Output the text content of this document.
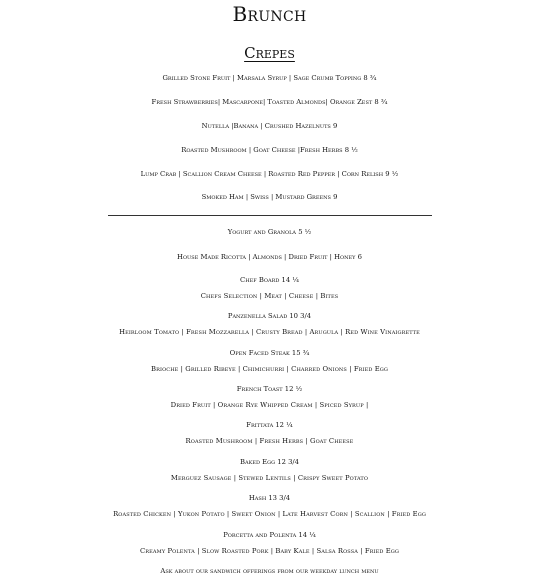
Brunch
Crepes
Grilled Stone Fruit | Marsala Syrup | Sage Crumb Topping 8 ¾
Fresh Strawberries| Mascarpone| Toasted Almonds| Orange Zest 8 ¾
Nutella |Banana | Crushed Hazelnuts 9
Roasted Mushroom | Goat Cheese |Fresh Herbs 8 ½
Lump Crab | Scallion Cream Cheese | Roasted Red Pepper | Corn Relish 9 ½
Smoked Ham | Swiss | Mustard Greens 9
Yogurt and Granola 5 ½
House Made Ricotta | Almonds | Dried Fruit | Honey 6
Chef Board 14 ¼
Chefs Selection | Meat | Cheese | Bites
Panzenella Salad 10 3/4
Heirloom Tomato | Fresh Mozzarella | Crusty Bread | Arugula | Red Wine Vinaigrette
Open Faced Steak 15 ¾
Brioche | Grilled Ribeye | Chimichurri | Charred Onions | Fried Egg
French Toast 12 ½
Dried Fruit | Orange Rye Whipped Cream | Spiced Syrup |
Frittata 12 ¼
Roasted Mushroom | Fresh Herbs | Goat Cheese
Baked Egg 12 3/4
Merguez Sausage | Stewed Lentils | Crispy Sweet Potato
Hash 13 3/4
Roasted Chicken | Yukon Potato | Sweet Onion | Late Harvest Corn | Scallion | Fried Egg
Porcetta and Polenta 14 ¼
Creamy Polenta | Slow Roasted Pork | Baby Kale | Salsa Rossa | Fried Egg
Ask about our sandwich offerings from our weekday lunch menu
